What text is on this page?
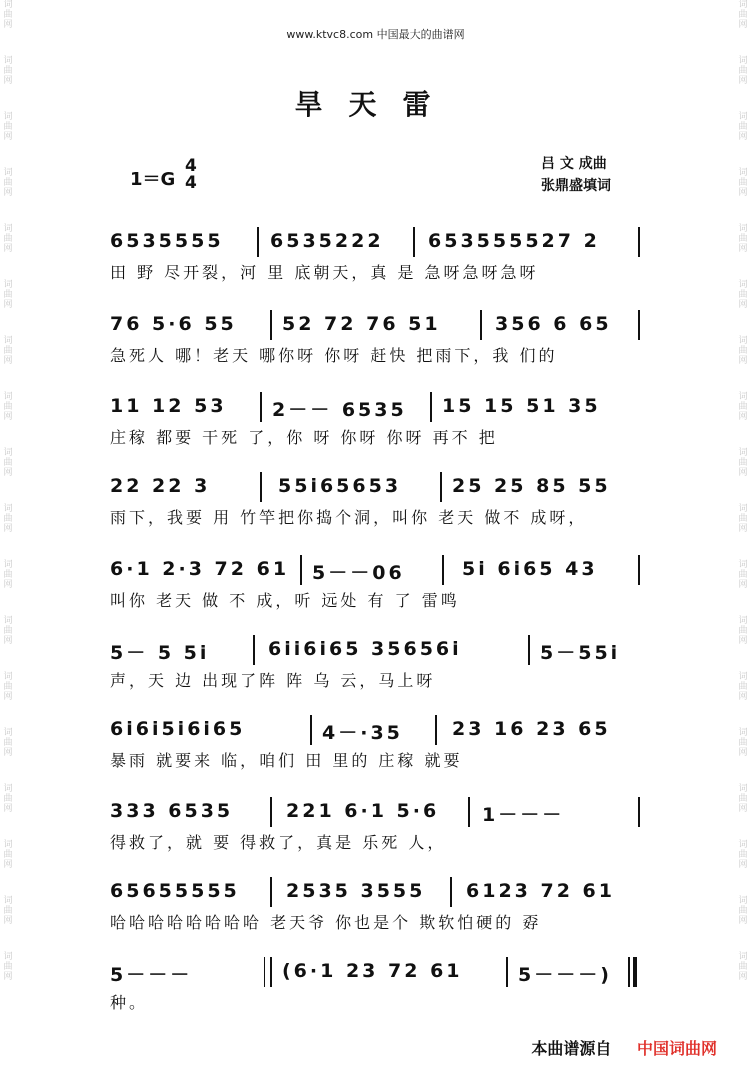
词
曲
网
词
曲
网
词
曲
网
词
曲
网
词
曲
网
词
曲
网
词
曲
网
词
曲
网
词
曲
网
词
曲
网
词
曲
网
词
曲
网
词
曲
网
词
曲
网
词
曲
网
词
曲
网
词
曲
网
词
曲
网
词
曲
网
词
曲
网
词
曲
网
词
曲
网
词
曲
网
词
曲
网
词
曲
网
词
曲
网
词
曲
网
词
曲
网
词
曲
网
词
曲
网
词
曲
网
词
曲
网
词
曲
网
词
曲
网
词
曲
网
词
曲
网
www.ktvc8.com 中国最大的曲谱网
旱天雷
1＝G
4
4
吕 文 成曲
张鼎盛填词
6535555 6535222 653555527 2
田 野 尽开裂，河 里 底朝天，真 是 急呀急呀急呀
76 5·6 55 52 72 76 51	356 6 65
急死人 哪！老天 哪你呀 你呀 赶快 把雨下，我 们的
11 12 53 2－－ 6535 15 15 51 35
庄稼 都要 干死 了，你 呀 你呀 你呀 再不 把
22 22 3	55i65653	25 25 85 55
雨下，我要 用 竹竿把你捣个洞，叫你 老天 做不 成呀，
6·1 2·3 72 61 5－－06	5i 6i65 43
叫你 老天 做 不 成，听 远处 有 了 雷鸣
5－ 5 5i	6ii6i65 35656i	5－55i
声，天 边 出现了阵 阵 乌 云，马上呀
6i6i5i6i65	4－·35	23 16 23 65
暴雨 就要来 临，咱们 田 里的 庄稼 就要
333 6535	221 6·1 5·6 1－－－
得救了，就 要 得救了，真是 乐死 人，
65655555 2535 3555 6123 72 61
哈哈哈哈哈哈哈哈 老天爷 你也是个 欺软怕硬的 孬
5－－－	(6·1 23 72 61	5－－－)
种。
本曲谱源自 中国词曲网
